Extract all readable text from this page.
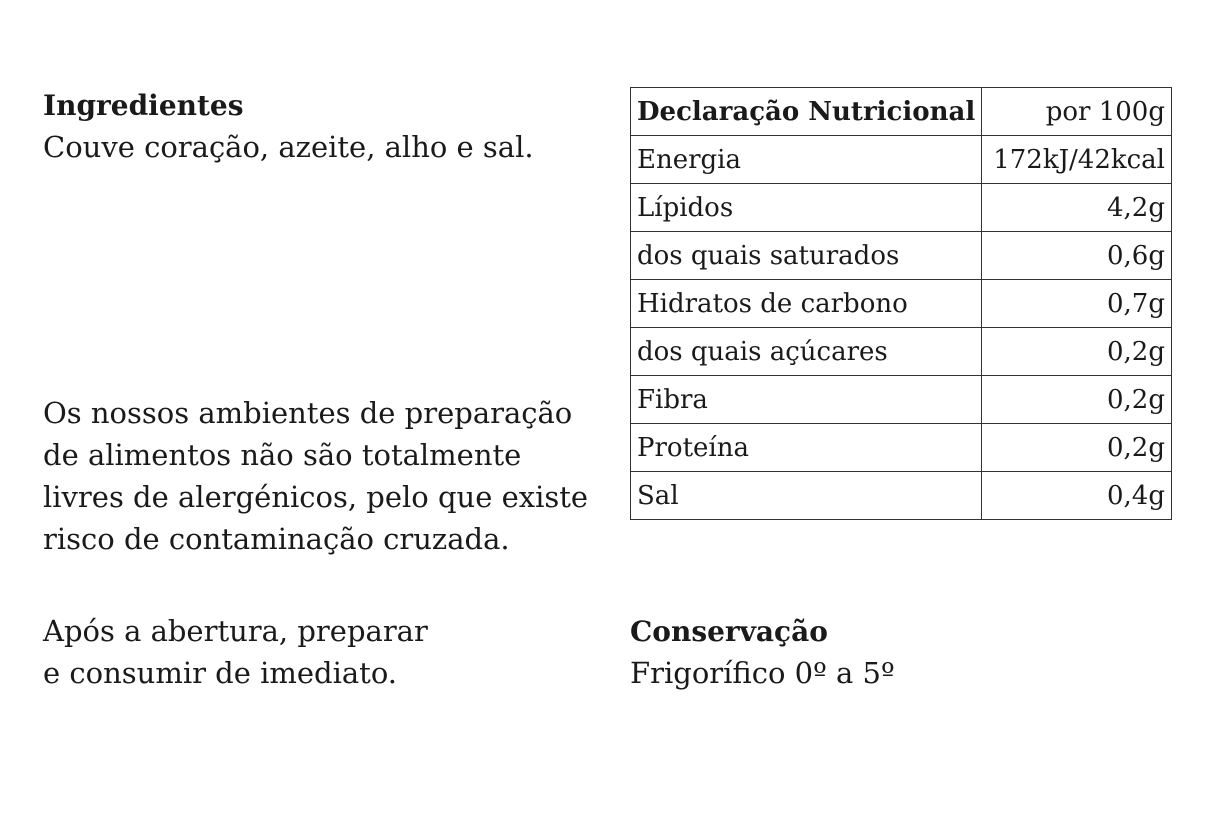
Ingredientes

Couve coração, azeite, alho e sal.

Os nossos ambientes de preparação
de alimentos não são totalmente
livres de alergénicos, pelo que existe
risco de contaminação cruzada.

Após a abertura, preparar
e consumir de imediato.

Declaração Nutricional	por 100g
Energia	172kJ/42kcal
Lípidos	4,2g
dos quais saturados	0,6g
Hidratos de carbono	0,7g
dos quais açúcares	0,2g
Fibra	0,2g
Proteína	0,2g
Sal	0,4g
Conservação

Frigorífico 0º a 5º
